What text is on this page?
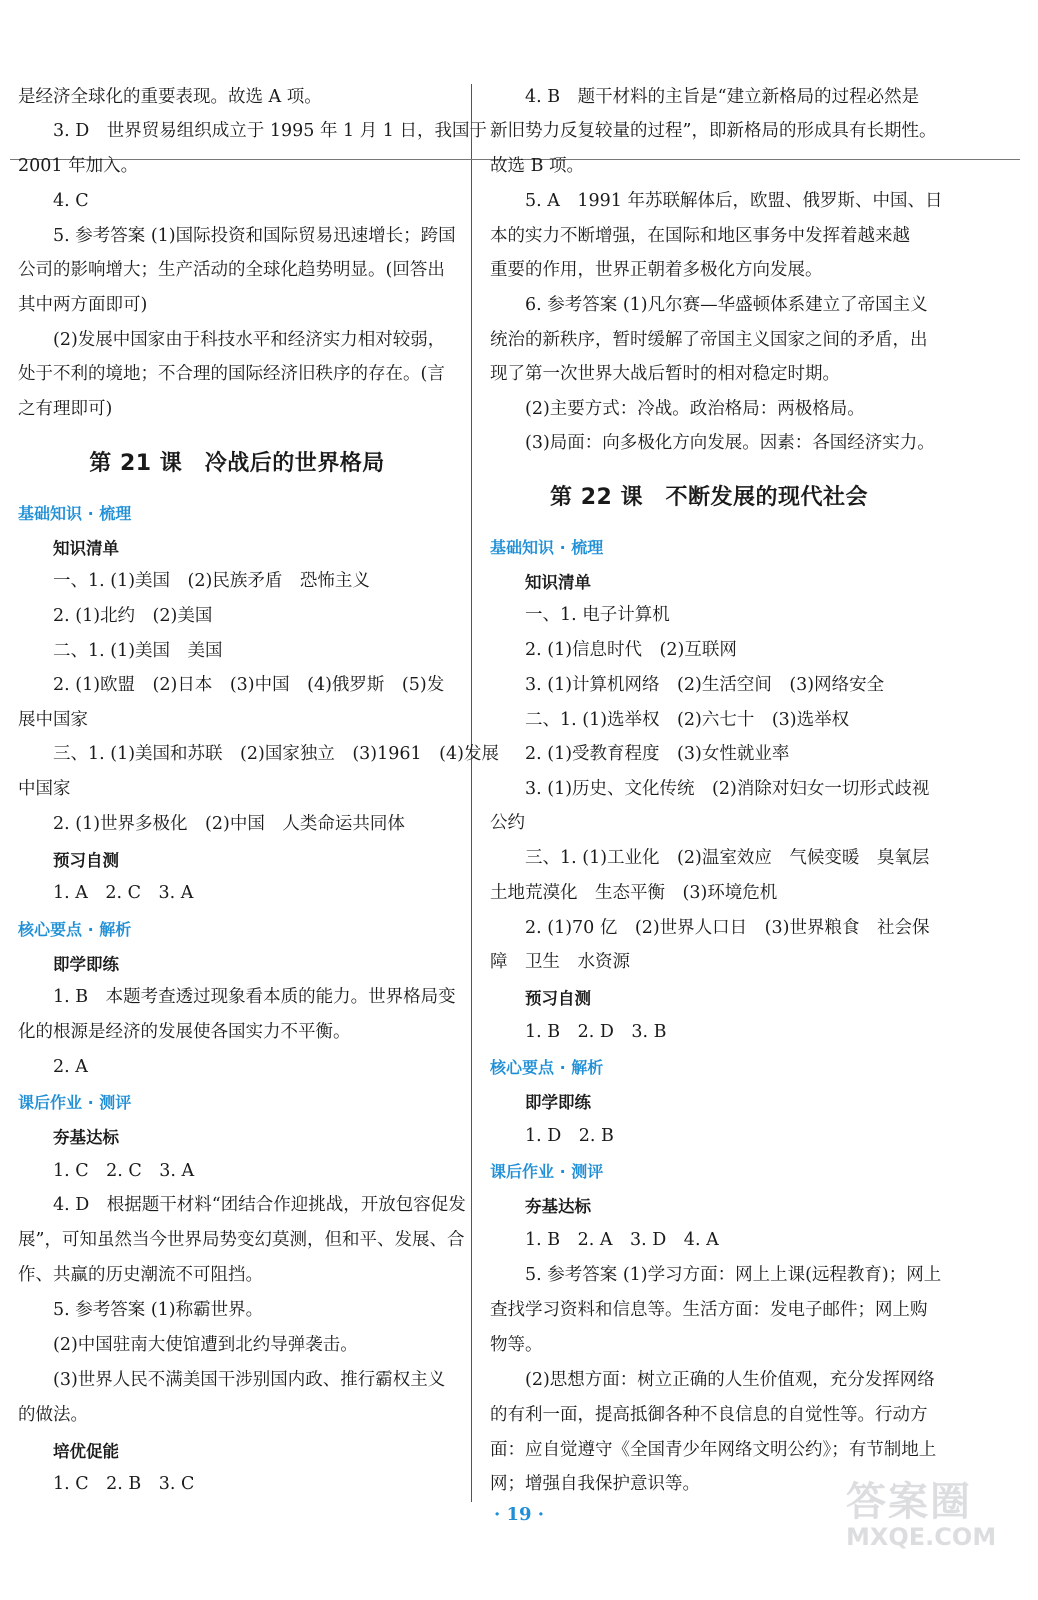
是经济全球化的重要表现。故选 A 项。
3. D　世界贸易组织成立于 1995 年 1 月 1 日，我国于
2001 年加入。
4. C
5. 参考答案 (1)国际投资和国际贸易迅速增长；跨国
公司的影响增大；生产活动的全球化趋势明显。(回答出
其中两方面即可)
(2)发展中国家由于科技水平和经济实力相对较弱，
处于不利的境地；不合理的国际经济旧秩序的存在。(言
之有理即可)
第 21 课　冷战后的世界格局
基础知识 · 梳理
知识清单
一、1. (1)美国　(2)民族矛盾　恐怖主义
2. (1)北约　(2)美国
二、1. (1)美国　美国
2. (1)欧盟　(2)日本　(3)中国　(4)俄罗斯　(5)发
展中国家
三、1. (1)美国和苏联　(2)国家独立　(3)1961　(4)发展
中国家
2. (1)世界多极化　(2)中国　人类命运共同体
预习自测
1. A　2. C　3. A
核心要点 · 解析
即学即练
1. B　本题考查透过现象看本质的能力。世界格局变
化的根源是经济的发展使各国实力不平衡。
2. A
课后作业 · 测评
夯基达标
1. C　2. C　3. A
4. D　根据题干材料“团结合作迎挑战，开放包容促发
展”，可知虽然当今世界局势变幻莫测，但和平、发展、合
作、共赢的历史潮流不可阻挡。
5. 参考答案 (1)称霸世界。
(2)中国驻南大使馆遭到北约导弹袭击。
(3)世界人民不满美国干涉别国内政、推行霸权主义
的做法。
培优促能
1. C　2. B　3. C
4. B　题干材料的主旨是“建立新格局的过程必然是
新旧势力反复较量的过程”，即新格局的形成具有长期性。
故选 B 项。
5. A　1991 年苏联解体后，欧盟、俄罗斯、中国、日
本的实力不断增强，在国际和地区事务中发挥着越来越
重要的作用，世界正朝着多极化方向发展。
6. 参考答案 (1)凡尔赛—华盛顿体系建立了帝国主义
统治的新秩序，暂时缓解了帝国主义国家之间的矛盾，出
现了第一次世界大战后暂时的相对稳定时期。
(2)主要方式：冷战。政治格局：两极格局。
(3)局面：向多极化方向发展。因素：各国经济实力。
第 22 课　不断发展的现代社会
基础知识 · 梳理
知识清单
一、1. 电子计算机
2. (1)信息时代　(2)互联网
3. (1)计算机网络　(2)生活空间　(3)网络安全
二、1. (1)选举权　(2)六七十　(3)选举权
2. (1)受教育程度　(3)女性就业率
3. (1)历史、文化传统　(2)消除对妇女一切形式歧视
公约
三、1. (1)工业化　(2)温室效应　气候变暖　臭氧层
土地荒漠化　生态平衡　(3)环境危机
2. (1)70 亿　(2)世界人口日　(3)世界粮食　社会保
障　卫生　水资源
预习自测
1. B　2. D　3. B
核心要点 · 解析
即学即练
1. D　2. B
课后作业 · 测评
夯基达标
1. B　2. A　3. D　4. A
5. 参考答案 (1)学习方面：网上上课(远程教育)；网上
查找学习资料和信息等。生活方面：发电子邮件；网上购
物等。
(2)思想方面：树立正确的人生价值观，充分发挥网络
的有利一面，提高抵御各种不良信息的自觉性等。行动方
面：应自觉遵守《全国青少年网络文明公约》；有节制地上
网；增强自我保护意识等。
· 19 ·	答案圈
MXQE.COM
